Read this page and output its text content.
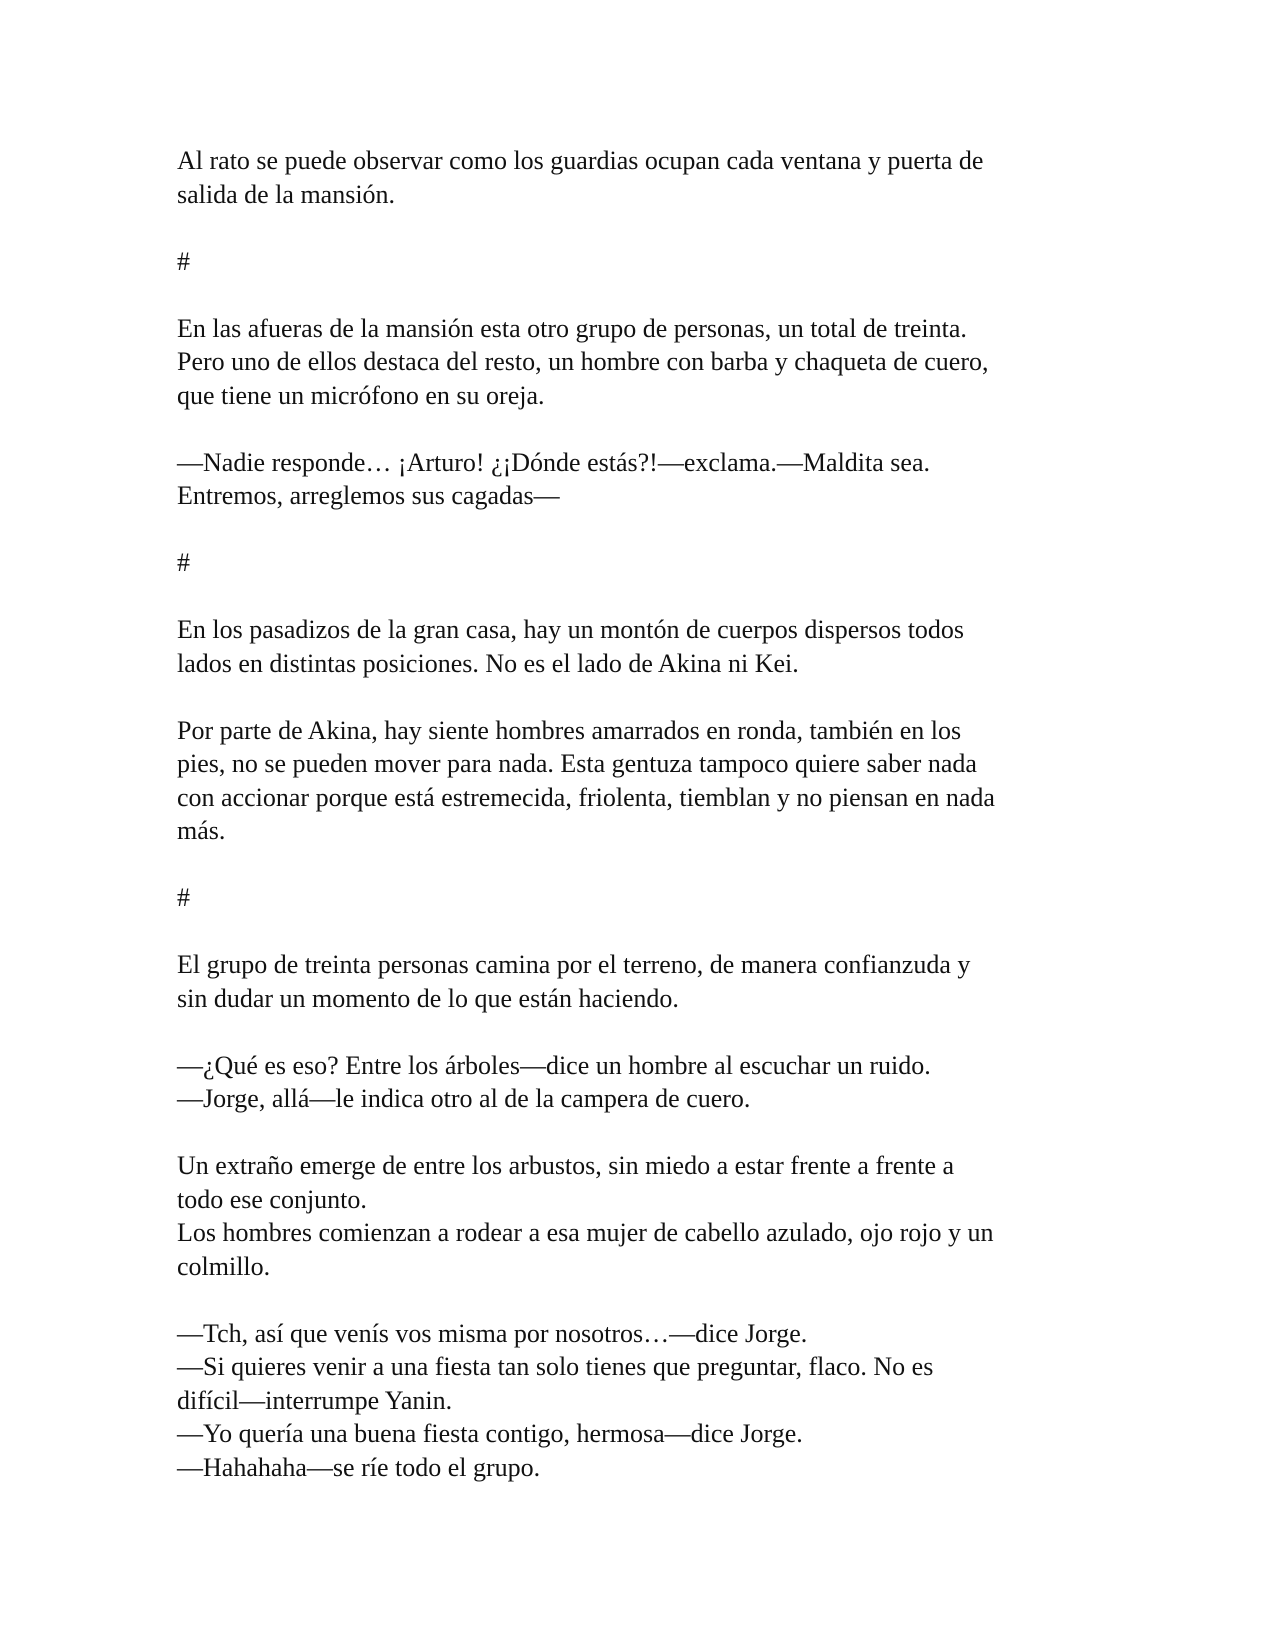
Al rato se puede observar como los guardias ocupan cada ventana y puerta de
salida de la mansión.
#
En las afueras de la mansión esta otro grupo de personas, un total de treinta.
Pero uno de ellos destaca del resto, un hombre con barba y chaqueta de cuero,
que tiene un micrófono en su oreja.
—Nadie responde… ¡Arturo! ¿¡Dónde estás?!—exclama.—Maldita sea.
Entremos, arreglemos sus cagadas—
#
En los pasadizos de la gran casa, hay un montón de cuerpos dispersos todos
lados en distintas posiciones. No es el lado de Akina ni Kei.
Por parte de Akina, hay siente hombres amarrados en ronda, también en los
pies, no se pueden mover para nada. Esta gentuza tampoco quiere saber nada
con accionar porque está estremecida, friolenta, tiemblan y no piensan en nada
más.
#
El grupo de treinta personas camina por el terreno, de manera confianzuda y
sin dudar un momento de lo que están haciendo.
—¿Qué es eso? Entre los árboles—dice un hombre al escuchar un ruido.
—Jorge, allá—le indica otro al de la campera de cuero.
Un extraño emerge de entre los arbustos, sin miedo a estar frente a frente a
todo ese conjunto.
Los hombres comienzan a rodear a esa mujer de cabello azulado, ojo rojo y un
colmillo.
—Tch, así que venís vos misma por nosotros…—dice Jorge.
—Si quieres venir a una fiesta tan solo tienes que preguntar, flaco. No es
difícil—interrumpe Yanin.
—Yo quería una buena fiesta contigo, hermosa—dice Jorge.
—Hahahaha—se ríe todo el grupo.
